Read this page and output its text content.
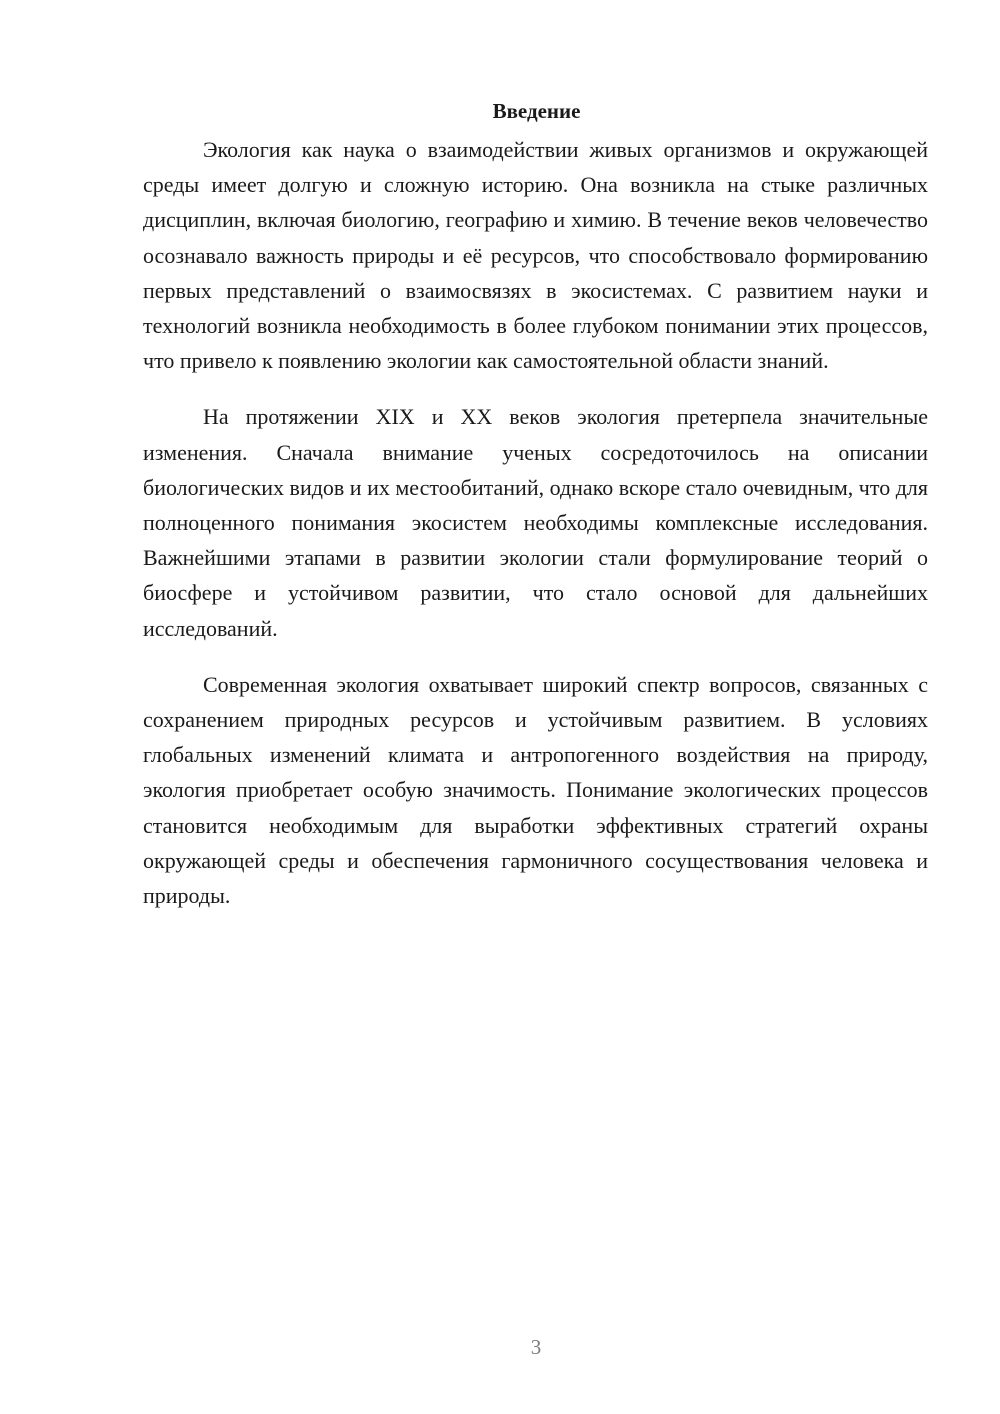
Введение

Экология как наука о взаимодействии живых организмов и окружающей среды имеет долгую и сложную историю. Она возникла на стыке различных дисциплин, включая биологию, географию и химию. В течение веков человечество осознавало важность природы и её ресурсов, что способствовало формированию первых представлений о взаимосвязях в экосистемах. С развитием науки и технологий возникла необходимость в более глубоком понимании этих процессов, что привело к появлению экологии как самостоятельной области знаний.

На протяжении XIX и XX веков экология претерпела значительные изменения. Сначала внимание ученых сосредоточилось на описании биологических видов и их местообитаний, однако вскоре стало очевидным, что для полноценного понимания экосистем необходимы комплексные исследования. Важнейшими этапами в развитии экологии стали формулирование теорий о биосфере и устойчивом развитии, что стало основой для дальнейших исследований.

Современная экология охватывает широкий спектр вопросов, связанных с сохранением природных ресурсов и устойчивым развитием. В условиях глобальных изменений климата и антропогенного воздействия на природу, экология приобретает особую значимость. Понимание экологических процессов становится необходимым для выработки эффективных стратегий охраны окружающей среды и обеспечения гармоничного сосуществования человека и природы.

3
